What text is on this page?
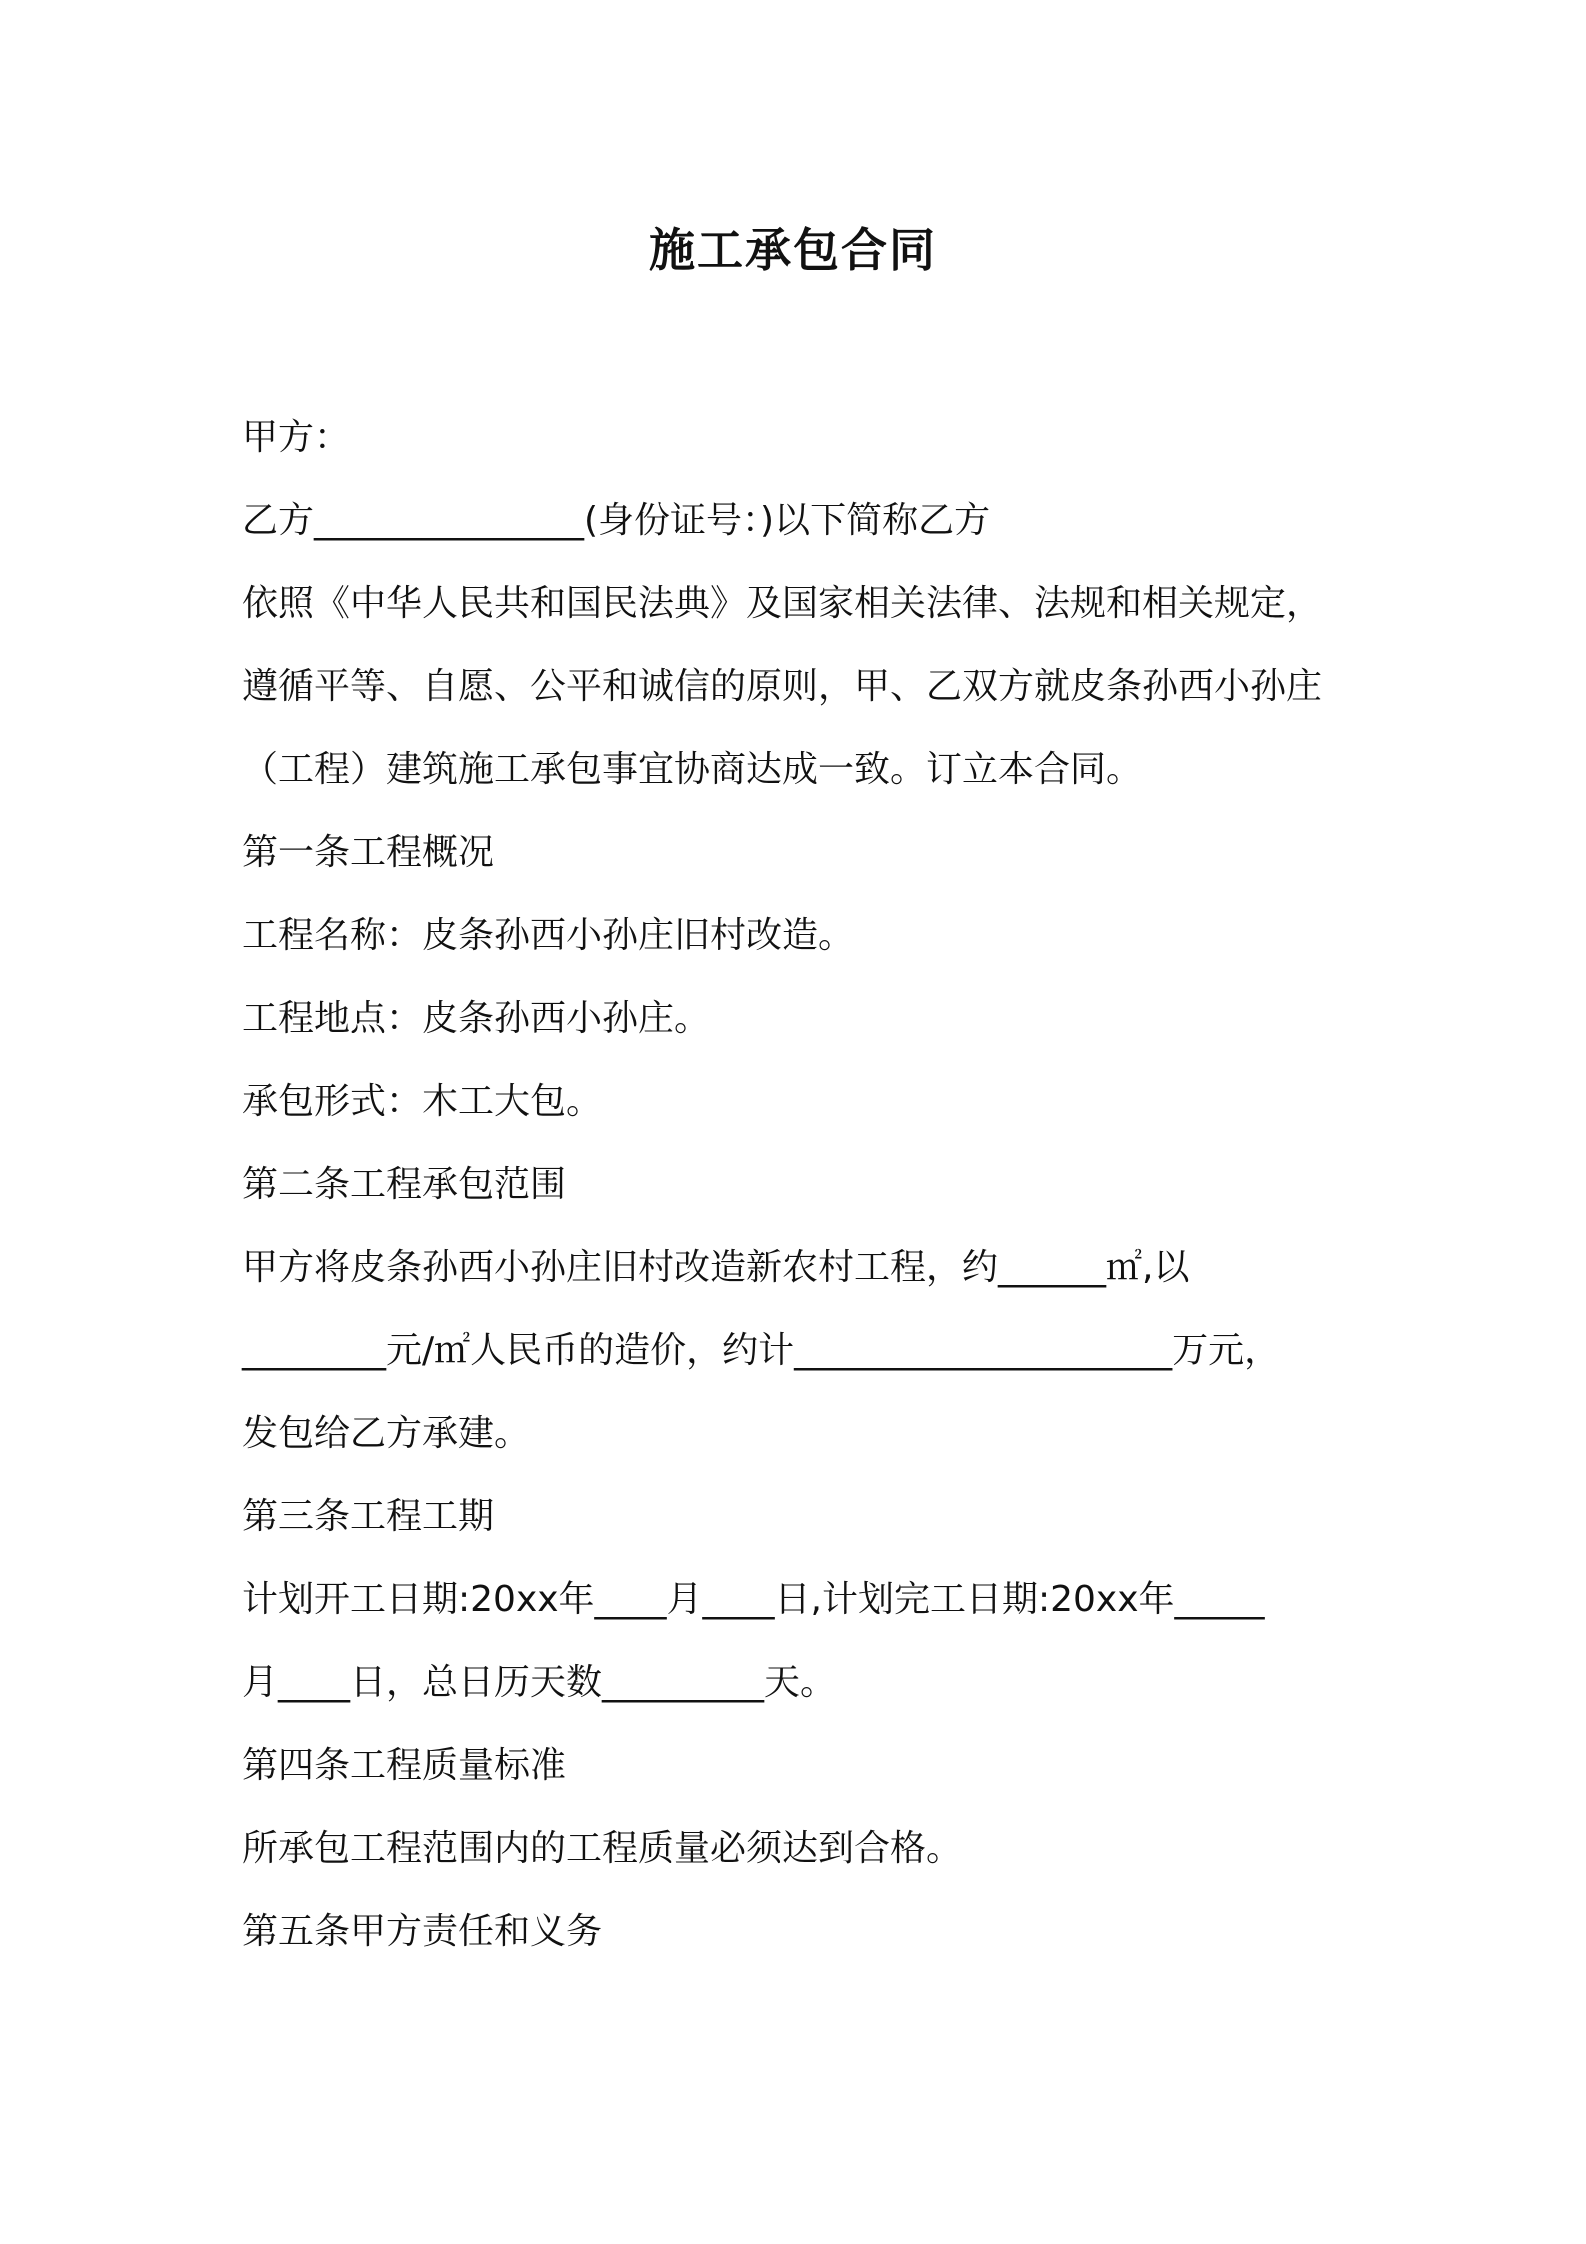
施工承包合同

甲方：

乙方_______________(身份证号：)以下简称乙方

依照《中华人民共和国民法典》及国家相关法律、法规和相关规定，

遵循平等、自愿、公平和诚信的原则，甲、乙双方就皮条孙西小孙庄

（工程）建筑施工承包事宜协商达成一致。订立本合同。

第一条工程概况

工程名称：皮条孙西小孙庄旧村改造。

工程地点：皮条孙西小孙庄。

承包形式：木工大包。

第二条工程承包范围

甲方将皮条孙西小孙庄旧村改造新农村工程，约______㎡,以

________元/㎡人民币的造价，约计_____________________万元，

发包给乙方承建。

第三条工程工期

计划开工日期:20xx年____月____日,计划完工日期:20xx年_____

月____日，总日历天数_________天。

第四条工程质量标准

所承包工程范围内的工程质量必须达到合格。

第五条甲方责任和义务
